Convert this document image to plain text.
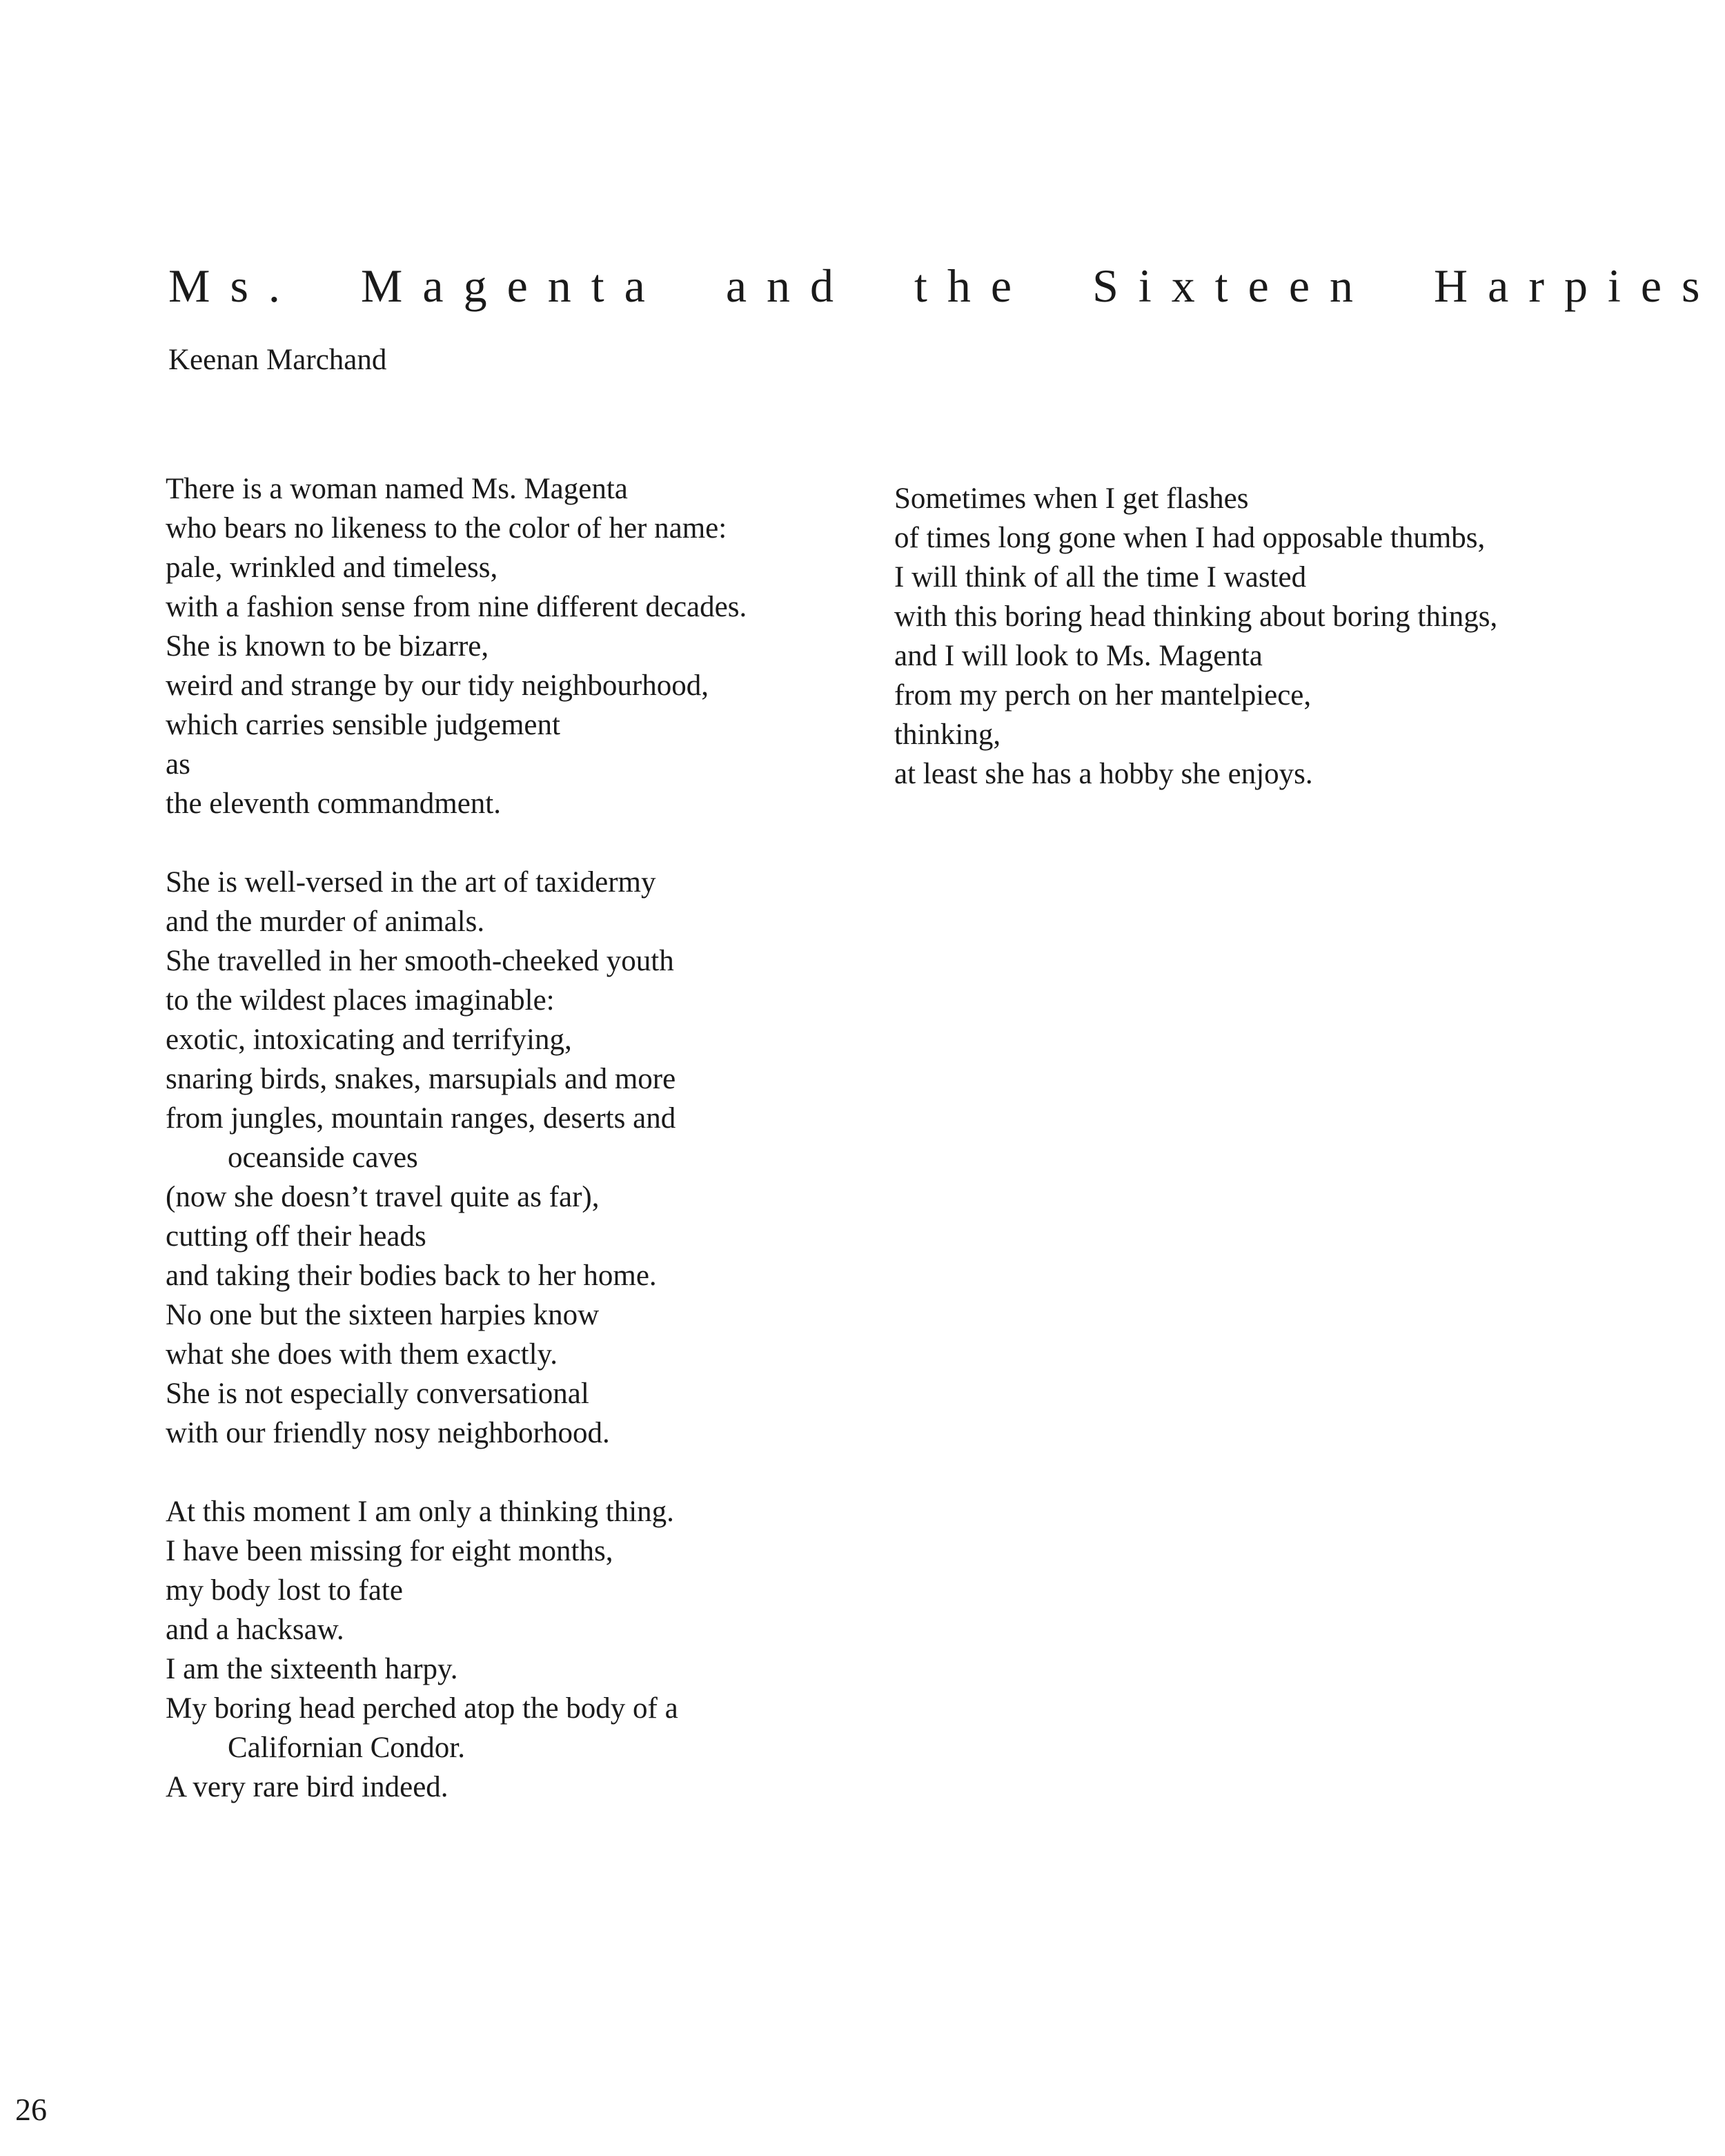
Ms. Magenta and the Sixteen Harpies
Keenan Marchand
There is a woman named Ms. Magenta
who bears no likeness to the color of her name:
pale, wrinkled and timeless,
with a fashion sense from nine different decades.
She is known to be bizarre,
weird and strange by our tidy neighbourhood,
which carries sensible judgement
as
the eleventh commandment.
She is well-versed in the art of taxidermy
and the murder of animals.
She travelled in her smooth-cheeked youth
to the wildest places imaginable:
exotic, intoxicating and terrifying,
snaring birds, snakes, marsupials and more
from jungles, mountain ranges, deserts and
oceanside caves
(now she doesn’t travel quite as far),
cutting off their heads
and taking their bodies back to her home.
No one but the sixteen harpies know
what she does with them exactly.
She is not especially conversational
with our friendly nosy neighborhood.
At this moment I am only a thinking thing.
I have been missing for eight months,
my body lost to fate
and a hacksaw.
I am the sixteenth harpy.
My boring head perched atop the body of a
Californian Condor.
A very rare bird indeed.
Sometimes when I get flashes
of times long gone when I had opposable thumbs,
I will think of all the time I wasted
with this boring head thinking about boring things,
and I will look to Ms. Magenta
from my perch on her mantelpiece,
thinking,
at least she has a hobby she enjoys.
26
